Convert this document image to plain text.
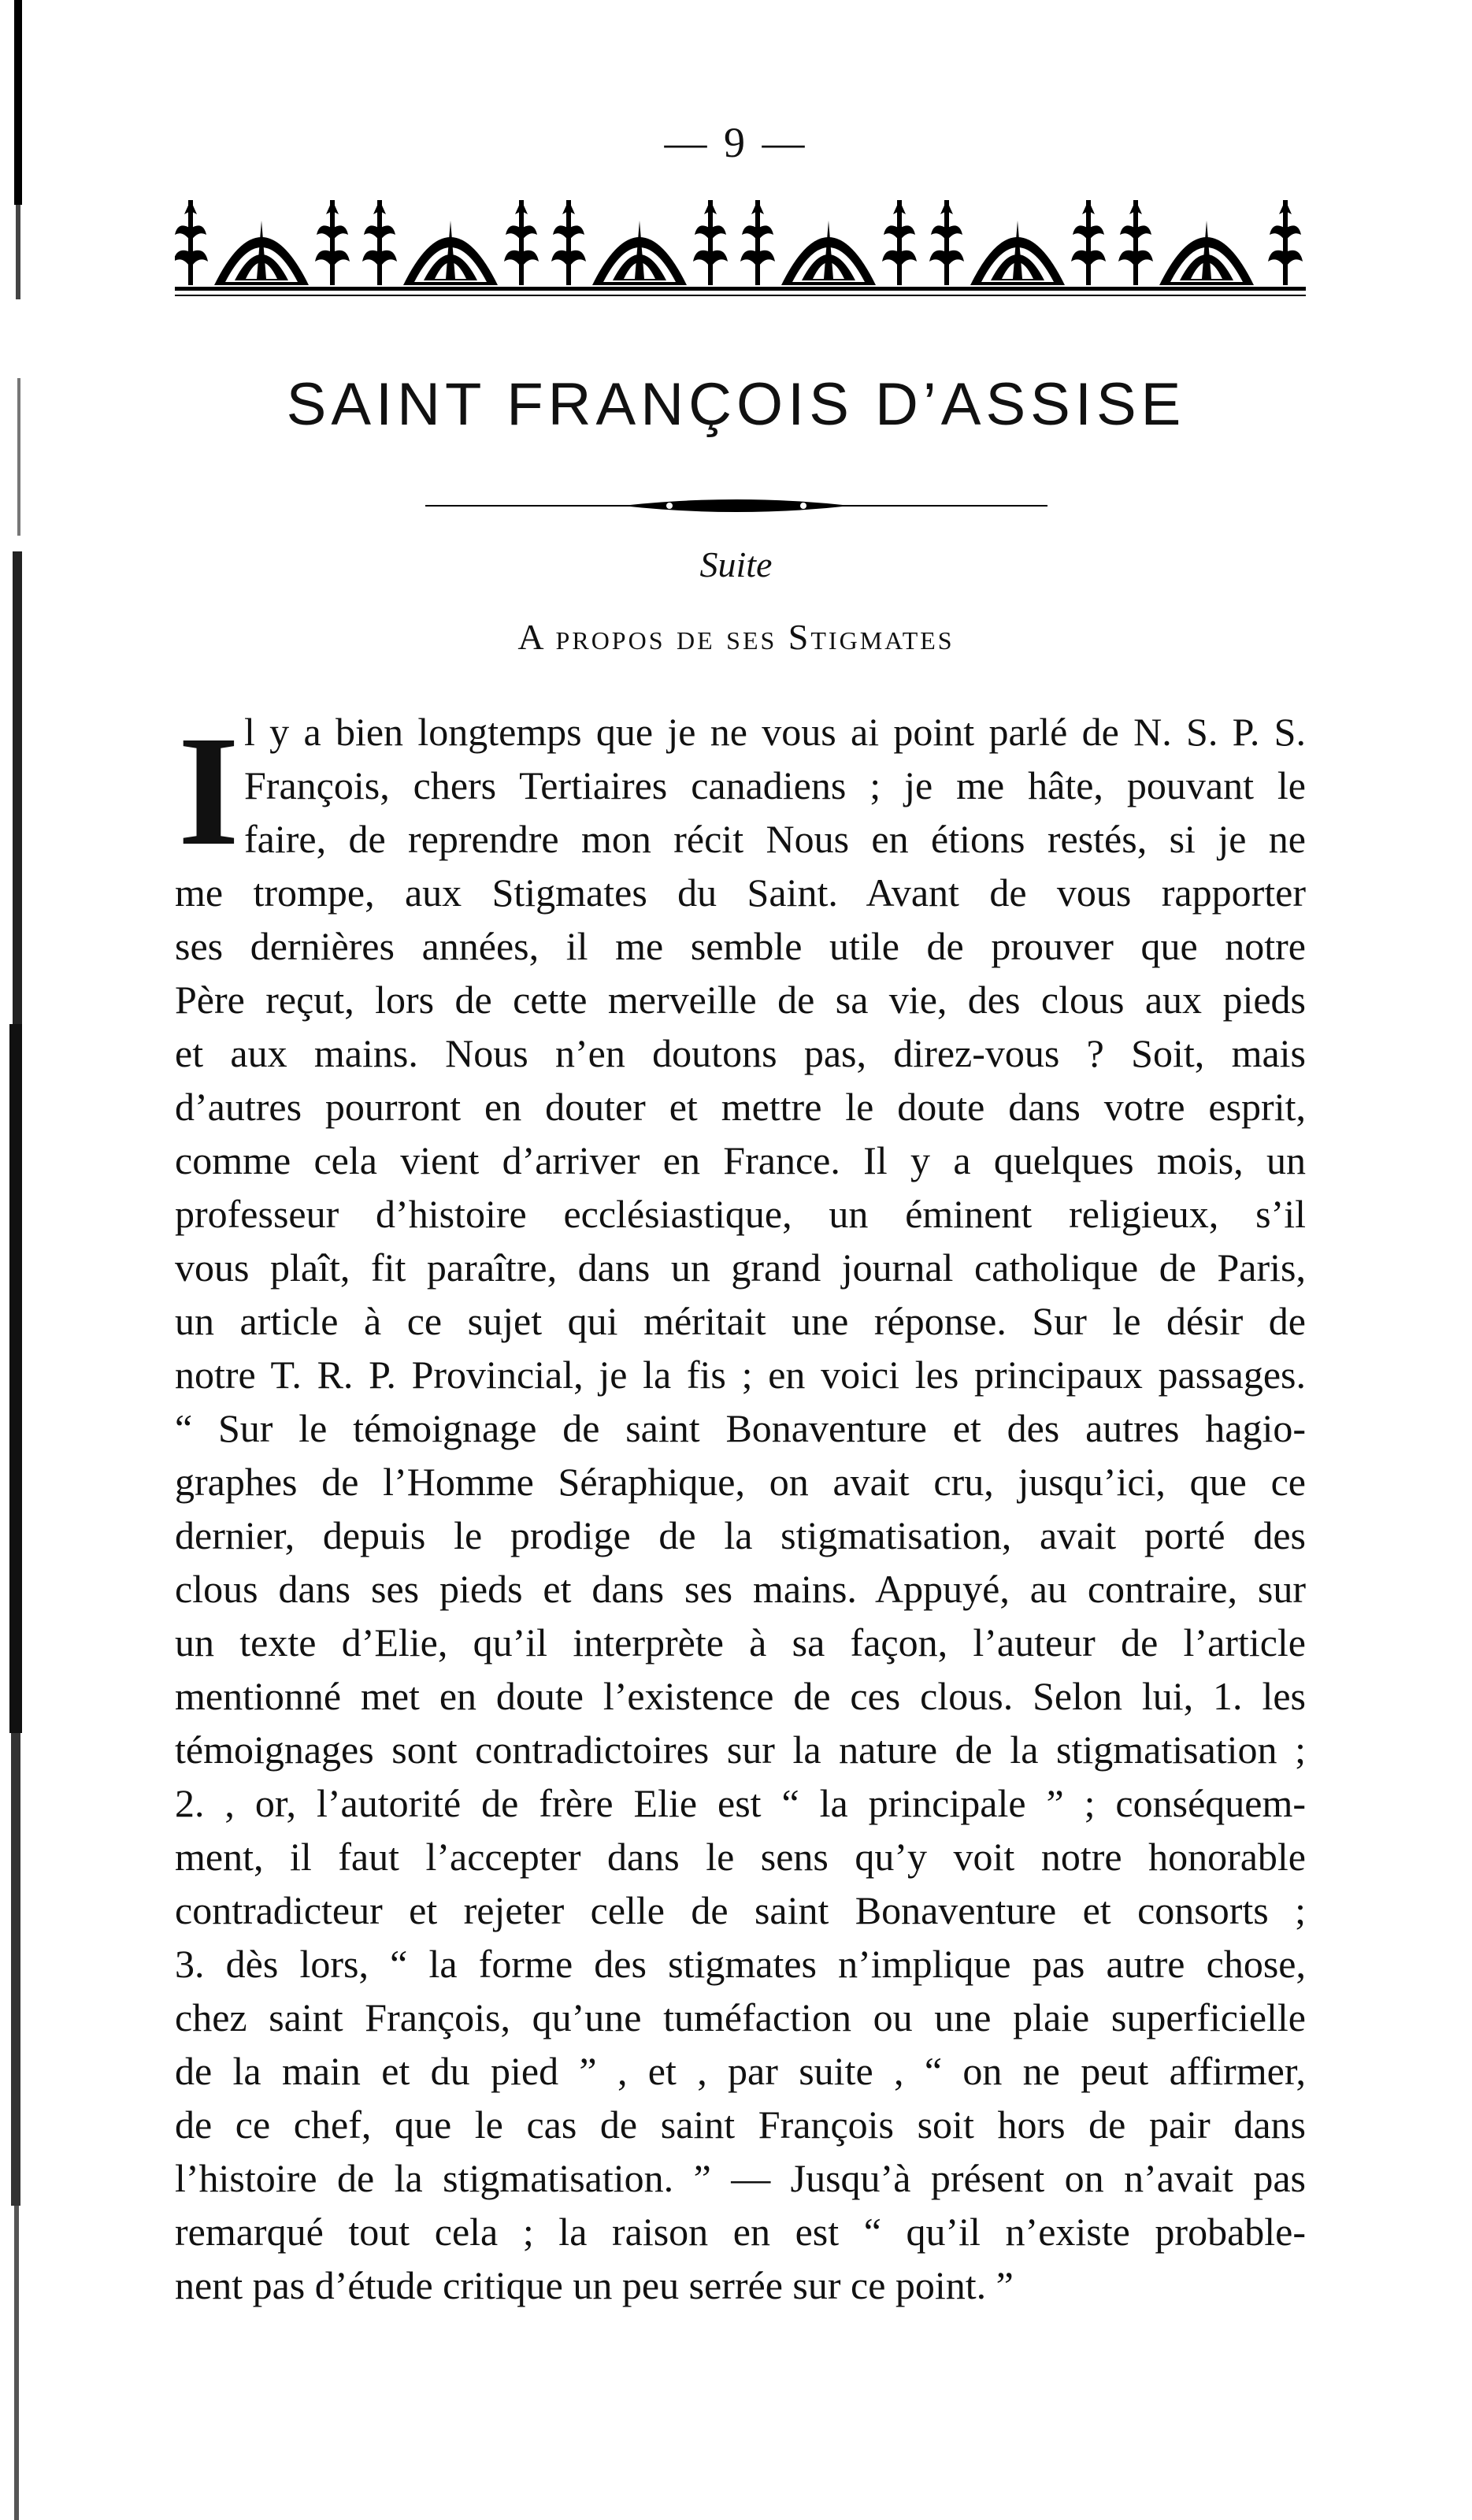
— 9 —
SAINT FRANÇOIS D’ASSISE
Suite
A propos de ses Stigmates
I l y a bien longtemps que je ne vous ai point parlé de N. S. P. S.
François, chers Tertiaires canadiens ; je me hâte, pouvant le
faire, de reprendre mon récit Nous en étions restés, si je ne
me trompe, aux Stigmates du Saint. Avant de vous rapporter
ses dernières années, il me semble utile de prouver que notre
Père reçut, lors de cette merveille de sa vie, des clous aux pieds
et aux mains. Nous n’en doutons pas, direz-vous ? Soit, mais
d’autres pourront en douter et mettre le doute dans votre esprit,
comme cela vient d’arriver en France. Il y a quelques mois, un
professeur d’histoire ecclésiastique, un éminent religieux, s’il
vous plaît, fit paraître, dans un grand journal catholique de Paris,
un article à ce sujet qui méritait une réponse. Sur le désir de
notre T. R. P. Provincial, je la fis ; en voici les principaux passages.
“ Sur le témoignage de saint Bonaventure et des autres hagio-
graphes de l’Homme Séraphique, on avait cru, jusqu’ici, que ce
dernier, depuis le prodige de la stigmatisation, avait porté des
clous dans ses pieds et dans ses mains. Appuyé, au contraire, sur
un texte d’Elie, qu’il interprète à sa façon, l’auteur de l’article
mentionné met en doute l’existence de ces clous. Selon lui, 1. les
témoignages sont contradictoires sur la nature de la stigmatisation ;
2. , or, l’autorité de frère Elie est “ la principale ” ; conséquem-
ment, il faut l’accepter dans le sens qu’y voit notre honorable
contradicteur et rejeter celle de saint Bonaventure et consorts ;
3. dès lors, “ la forme des stigmates n’implique pas autre chose,
chez saint François, qu’une tuméfaction ou une plaie superficielle
de la main et du pied ” , et , par suite , “ on ne peut affirmer,
de ce chef, que le cas de saint François soit hors de pair dans
l’histoire de la stigmatisation. ” — Jusqu’à présent on n’avait pas
remarqué tout cela ; la raison en est “ qu’il n’existe probable-
nent pas d’étude critique un peu serrée sur ce point. ”
